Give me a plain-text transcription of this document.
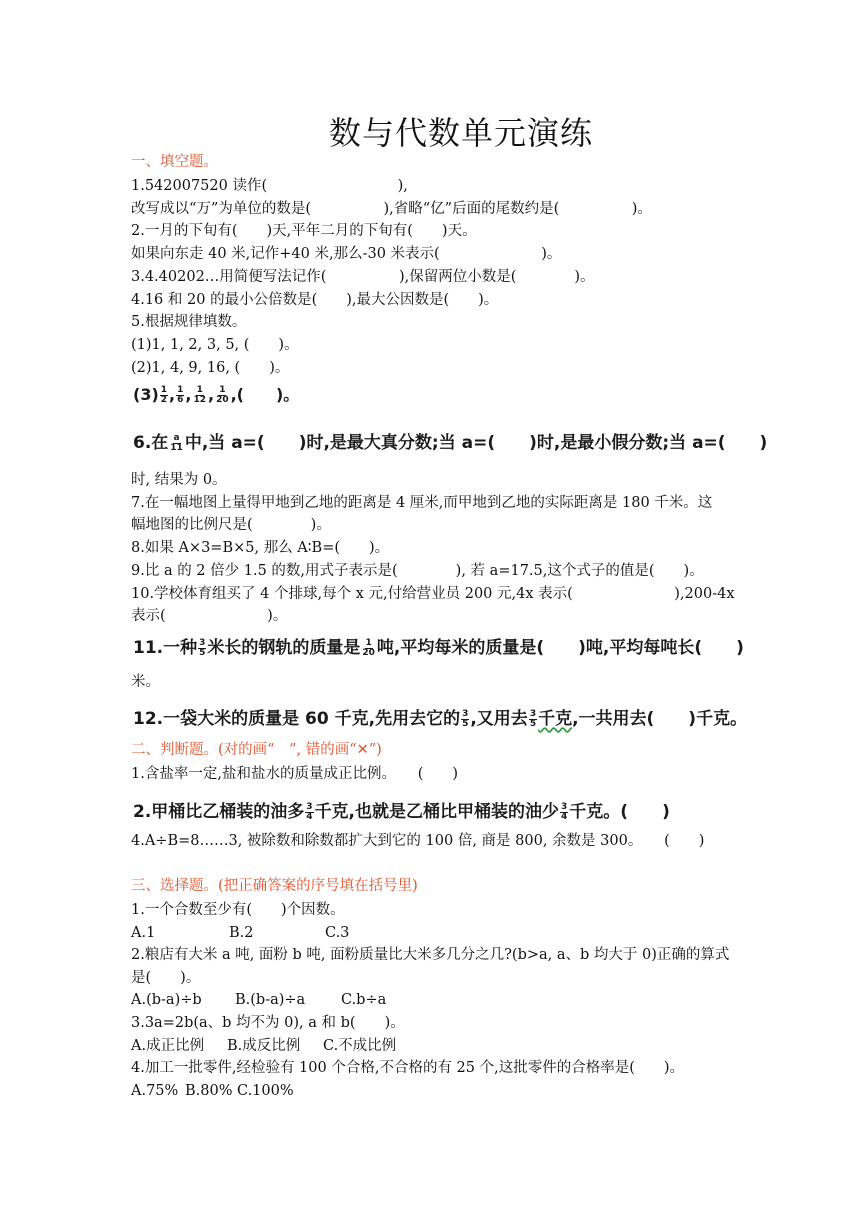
数与代数单元演练
一、填空题。
1.542007520 读作(　　　　　　　　　),
改写成以“万”为单位的数是(　　　　　),省略“亿”后面的尾数约是(　　　　　)。
2.一月的下旬有(　　)天,平年二月的下旬有(　　)天。
如果向东走 40 米,记作+40 米,那么-30 米表示(　　　　　　　)。
3.4.40202…用简便写法记作(　　　　　),保留两位小数是(　　　　)。
4.16 和 20 的最小公倍数是(　　),最大公因数是(　　)。
5.根据规律填数。
(1)1, 1, 2, 3, 5, (　　)。
(2)1, 4, 9, 16, (　　)。
$(3) \frac{1}{2}$ , $\frac{1}{6}$ , $\frac{1}{12}$ , $\frac{1}{20}$ ,(　　)。
6.在 $\frac{a}{11}$ 中,当 a=(　　)时,是最大真分数;当 a=(　　)时,是最小假分数;当 a=(　　)
时, 结果为 0。
7.在一幅地图上量得甲地到乙地的距离是 4 厘米,而甲地到乙地的实际距离是 180 千米。这
幅地图的比例尺是(　　　　)。
8.如果 A×3=B×5, 那么 A∶B=(　　)。
9.比 a 的 2 倍少 1.5 的数,用式子表示是(　　　　), 若 a=17.5,这个式子的值是(　　)。
10.学校体育组买了 4 个排球,每个 x 元,付给营业员 200 元,4x 表示(　　　　　　　),200-4x
表示(　　　　　　　)。
11.一种 $\frac{3}{5}$ 米长的钢轨的质量是 $\frac{1}{20}$ 吨,平均每米的质量是(　　)吨,平均每吨长(　　)
米。
12.一袋大米的质量是 60 千克,先用去它的 $\frac{3}{5}$ ,又用去 $\frac{3}{5}$ 千克,一共用去(　　)千克。
二、判断题。(对的画“　”, 错的画“✕”)
1.含盐率一定,盐和盐水的质量成正比例。　　(　　)
2.甲桶比乙桶装的油多 $\frac{3}{4}$ 千克,也就是乙桶比甲桶装的油少 $\frac{3}{4}$ 千克。(　　)
4.A÷B=8……3, 被除数和除数都扩大到它的 100 倍, 商是 800, 余数是 300。　　(　　)
三、选择题。(把正确答案的序号填在括号里)
1.一个合数至少有(　　)个因数。
A.1	B.2	C.3
2.粮店有大米 a 吨, 面粉 b 吨, 面粉质量比大米多几分之几?(b>a, a、b 均大于 0)正确的算式
是(　　)。
A.(b-a)÷b B.(b-a)÷a C.b÷a
3.3a=2b(a、b 均不为 0), a 和 b(　　)。
A.成正比例 B.成反比例 C.不成比例
4.加工一批零件,经检验有 100 个合格,不合格的有 25 个,这批零件的合格率是(　　)。
A.75% B.80% C.100%
